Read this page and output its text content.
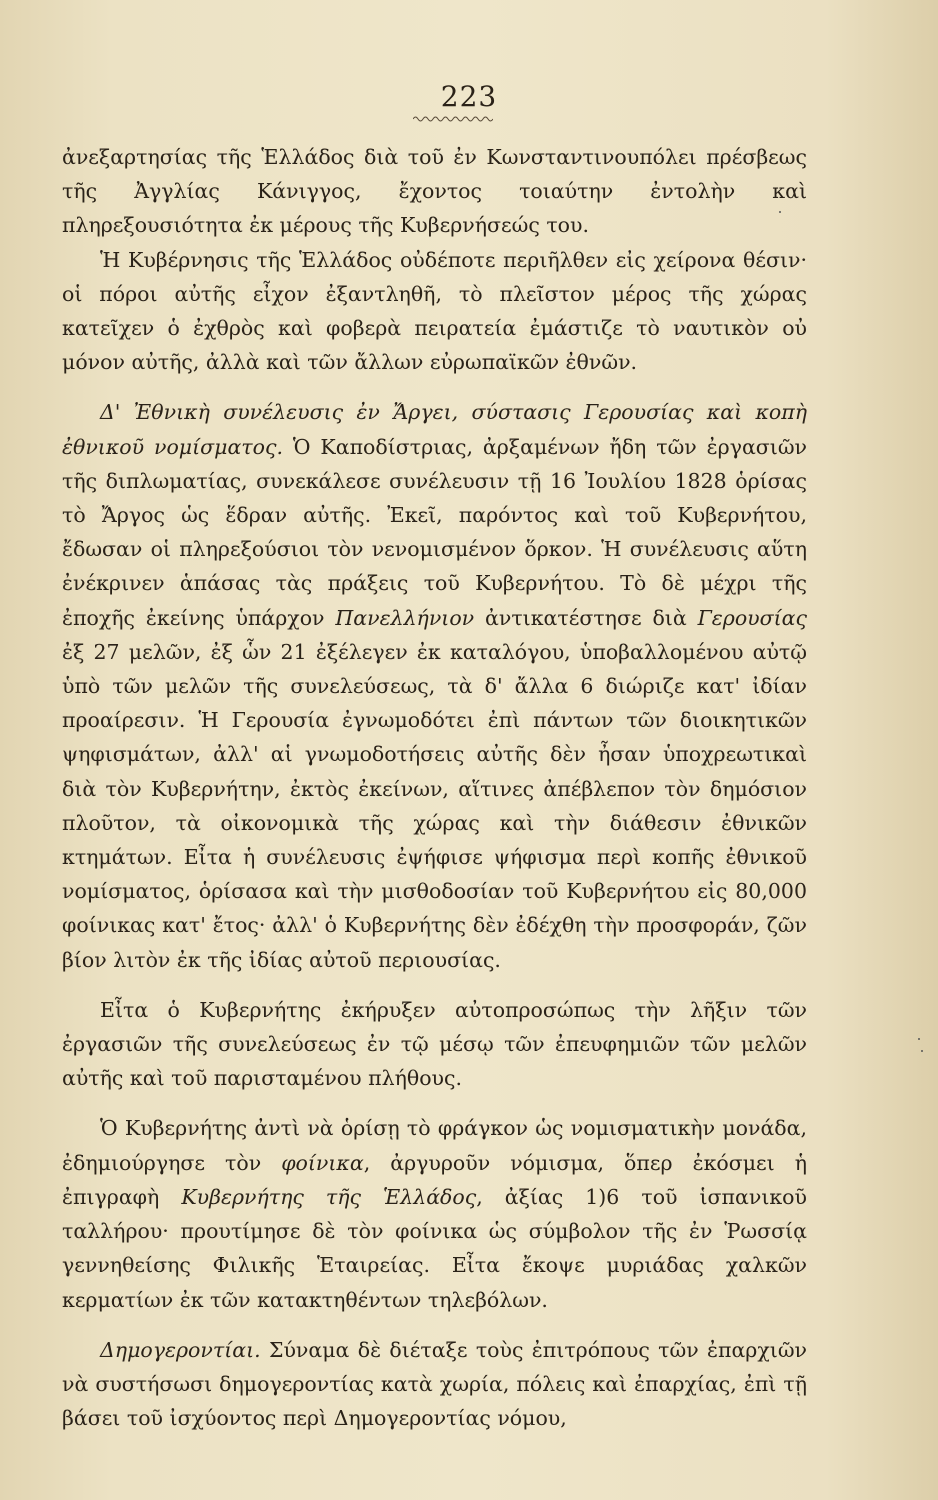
223

ἀνεξαρτησίας τῆς Ἑλλάδος διὰ τοῦ ἐν Κωνσταντινουπόλει πρέσβεως τῆς Ἀγγλίας Κάνιγγος, ἔχοντος τοιαύτην ἐντολὴν καὶ πληρεξουσιότητα ἐκ μέρους τῆς Κυβερνήσεώς του.

Ἡ Κυβέρνησις τῆς Ἑλλάδος οὐδέποτε περιῆλθεν εἰς χείρονα θέσιν· οἱ πόροι αὐτῆς εἶχον ἐξαντληθῆ, τὸ πλεῖστον μέρος τῆς χώρας κατεῖχεν ὁ ἐχθρὸς καὶ φοβερὰ πειρατεία ἐμάστιζε τὸ ναυτικὸν οὐ μόνον αὐτῆς, ἀλλὰ καὶ τῶν ἄλλων εὐρωπαϊκῶν ἐθνῶν.

Δ' Ἐθνικὴ συνέλευσις ἐν Ἄργει, σύστασις Γερουσίας καὶ κοπὴ ἐθνικοῦ νομίσματος. Ὁ Καποδίστριας, ἀρξαμένων ἤδη τῶν ἐργασιῶν τῆς διπλωματίας, συνεκάλεσε συνέλευσιν τῇ 16 Ἰουλίου 1828 ὁρίσας τὸ Ἄργος ὡς ἕδραν αὐτῆς. Ἐκεῖ, παρόντος καὶ τοῦ Κυβερνήτου, ἔδωσαν οἱ πληρεξούσιοι τὸν νενομισμένον ὅρκον. Ἡ συνέλευσις αὕτη ἐνέκρινεν ἁπάσας τὰς πράξεις τοῦ Κυβερνήτου. Τὸ δὲ μέχρι τῆς ἐποχῆς ἐκείνης ὑπάρχον Πανελλήνιον ἀντικατέστησε διὰ Γερουσίας ἐξ 27 μελῶν, ἐξ ὧν 21 ἐξέλεγεν ἐκ καταλόγου, ὑποβαλλομένου αὐτῷ ὑπὸ τῶν μελῶν τῆς συνελεύσεως, τὰ δ' ἄλλα 6 διώριζε κατ' ἰδίαν προαίρεσιν. Ἡ Γερουσία ἐγνωμοδότει ἐπὶ πάντων τῶν διοικητικῶν ψηφισμάτων, ἀλλ' αἱ γνωμοδοτήσεις αὐτῆς δὲν ἦσαν ὑποχρεωτικαὶ διὰ τὸν Κυβερνήτην, ἐκτὸς ἐκείνων, αἵτινες ἀπέβλεπον τὸν δημόσιον πλοῦτον, τὰ οἰκονομικὰ τῆς χώρας καὶ τὴν διάθεσιν ἐθνικῶν κτημάτων. Εἶτα ἡ συνέλευσις ἐψήφισε ψήφισμα περὶ κοπῆς ἐθνικοῦ νομίσματος, ὁρίσασα καὶ τὴν μισθοδοσίαν τοῦ Κυβερνήτου εἰς 80,000 φοίνικας κατ' ἔτος· ἀλλ' ὁ Κυβερνήτης δὲν ἐδέχθη τὴν προσφοράν, ζῶν βίον λιτὸν ἐκ τῆς ἰδίας αὐτοῦ περιουσίας.

Εἶτα ὁ Κυβερνήτης ἐκήρυξεν αὐτοπροσώπως τὴν λῆξιν τῶν ἐργασιῶν τῆς συνελεύσεως ἐν τῷ μέσῳ τῶν ἐπευφημιῶν τῶν μελῶν αὐτῆς καὶ τοῦ παρισταμένου πλήθους.

Ὁ Κυβερνήτης ἀντὶ νὰ ὁρίσῃ τὸ φράγκον ὡς νομισματικὴν μονάδα, ἐδημιούργησε τὸν φοίνικα, ἀργυροῦν νόμισμα, ὅπερ ἐκόσμει ἡ ἐπιγραφὴ Κυβερνήτης τῆς Ἑλλάδος, ἀξίας 1)6 τοῦ ἱσπανικοῦ ταλλήρου· προυτίμησε δὲ τὸν φοίνικα ὡς σύμβολον τῆς ἐν Ῥωσσίᾳ γεννηθείσης Φιλικῆς Ἑταιρείας. Εἶτα ἔκοψε μυριάδας χαλκῶν κερματίων ἐκ τῶν κατακτηθέντων τηλεβόλων.

Δημογεροντίαι. Σύναμα δὲ διέταξε τοὺς ἐπιτρόπους τῶν ἐπαρχιῶν νὰ συστήσωσι δημογεροντίας κατὰ χωρία, πόλεις καὶ ἐπαρχίας, ἐπὶ τῇ βάσει τοῦ ἰσχύοντος περὶ Δημογεροντίας νόμου,
